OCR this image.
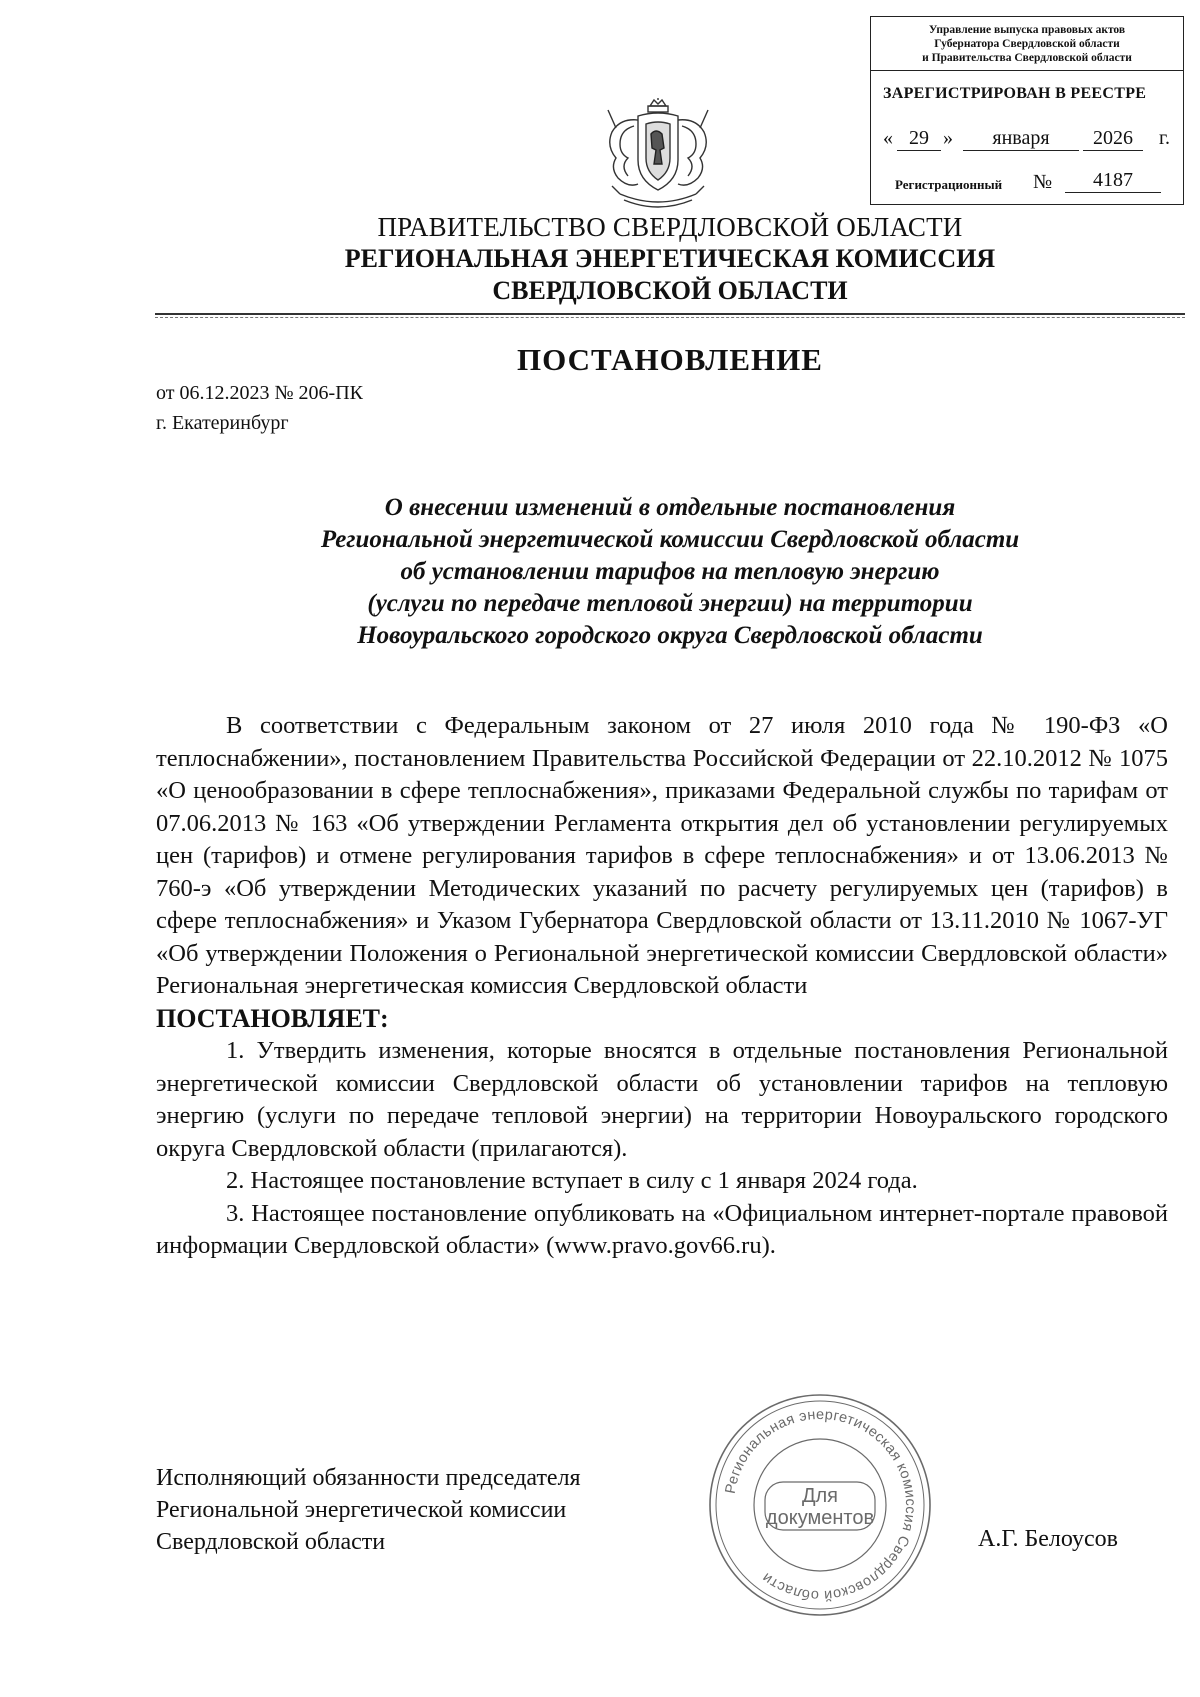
Управление выпуска правовых актов
Губернатора Свердловской области
и Правительства Свердловской области
ЗАРЕГИСТРИРОВАН В РЕЕСТРЕ
« 29 »	января	2026	г.
Регистрационный №	4187
ПРАВИТЕЛЬСТВО СВЕРДЛОВСКОЙ ОБЛАСТИ
РЕГИОНАЛЬНАЯ ЭНЕРГЕТИЧЕСКАЯ КОМИССИЯ
СВЕРДЛОВСКОЙ ОБЛАСТИ
ПОСТАНОВЛЕНИЕ
от 06.12.2023 № 206-ПК
г. Екатеринбург
О внесении изменений в отдельные постановления
Региональной энергетической комиссии Свердловской области
об установлении тарифов на тепловую энергию
(услуги по передаче тепловой энергии) на территории
Новоуральского городского округа Свердловской области

В соответствии с Федеральным законом от 27 июля 2010 года № 190-ФЗ «О теплоснабжении», постановлением Правительства Российской Федерации от 22.10.2012 № 1075 «О ценообразовании в сфере теплоснабжения», приказами Федеральной службы по тарифам от 07.06.2013 № 163 «Об утверждении Регламента открытия дел об установлении регулируемых цен (тарифов) и отмене регулирования тарифов в сфере теплоснабжения» и от 13.06.2013 № 760-э «Об утверждении Методических указаний по расчету регулируемых цен (тарифов) в сфере теплоснабжения» и Указом Губернатора Свердловской области от 13.11.2010 № 1067-УГ «Об утверждении Положения о Региональной энергетической комиссии Свердловской области» Региональная энергетическая комиссия Свердловской области

ПОСТАНОВЛЯЕТ:

1. Утвердить изменения, которые вносятся в отдельные постановления Региональной энергетической комиссии Свердловской области об установлении тарифов на тепловую энергию (услуги по передаче тепловой энергии) на территории Новоуральского городского округа Свердловской области (прилагаются).

2. Настоящее постановление вступает в силу с 1 января 2024 года.

3. Настоящее постановление опубликовать на «Официальном интернет-портале правовой информации Свердловской области» (www.pravo.gov66.ru).

Исполняющий обязанности председателя
Региональной энергетической комиссии
Свердловской области	А.Г. Белоусов
Региональная энергетическая комиссия Свердловской области
Для
документов
